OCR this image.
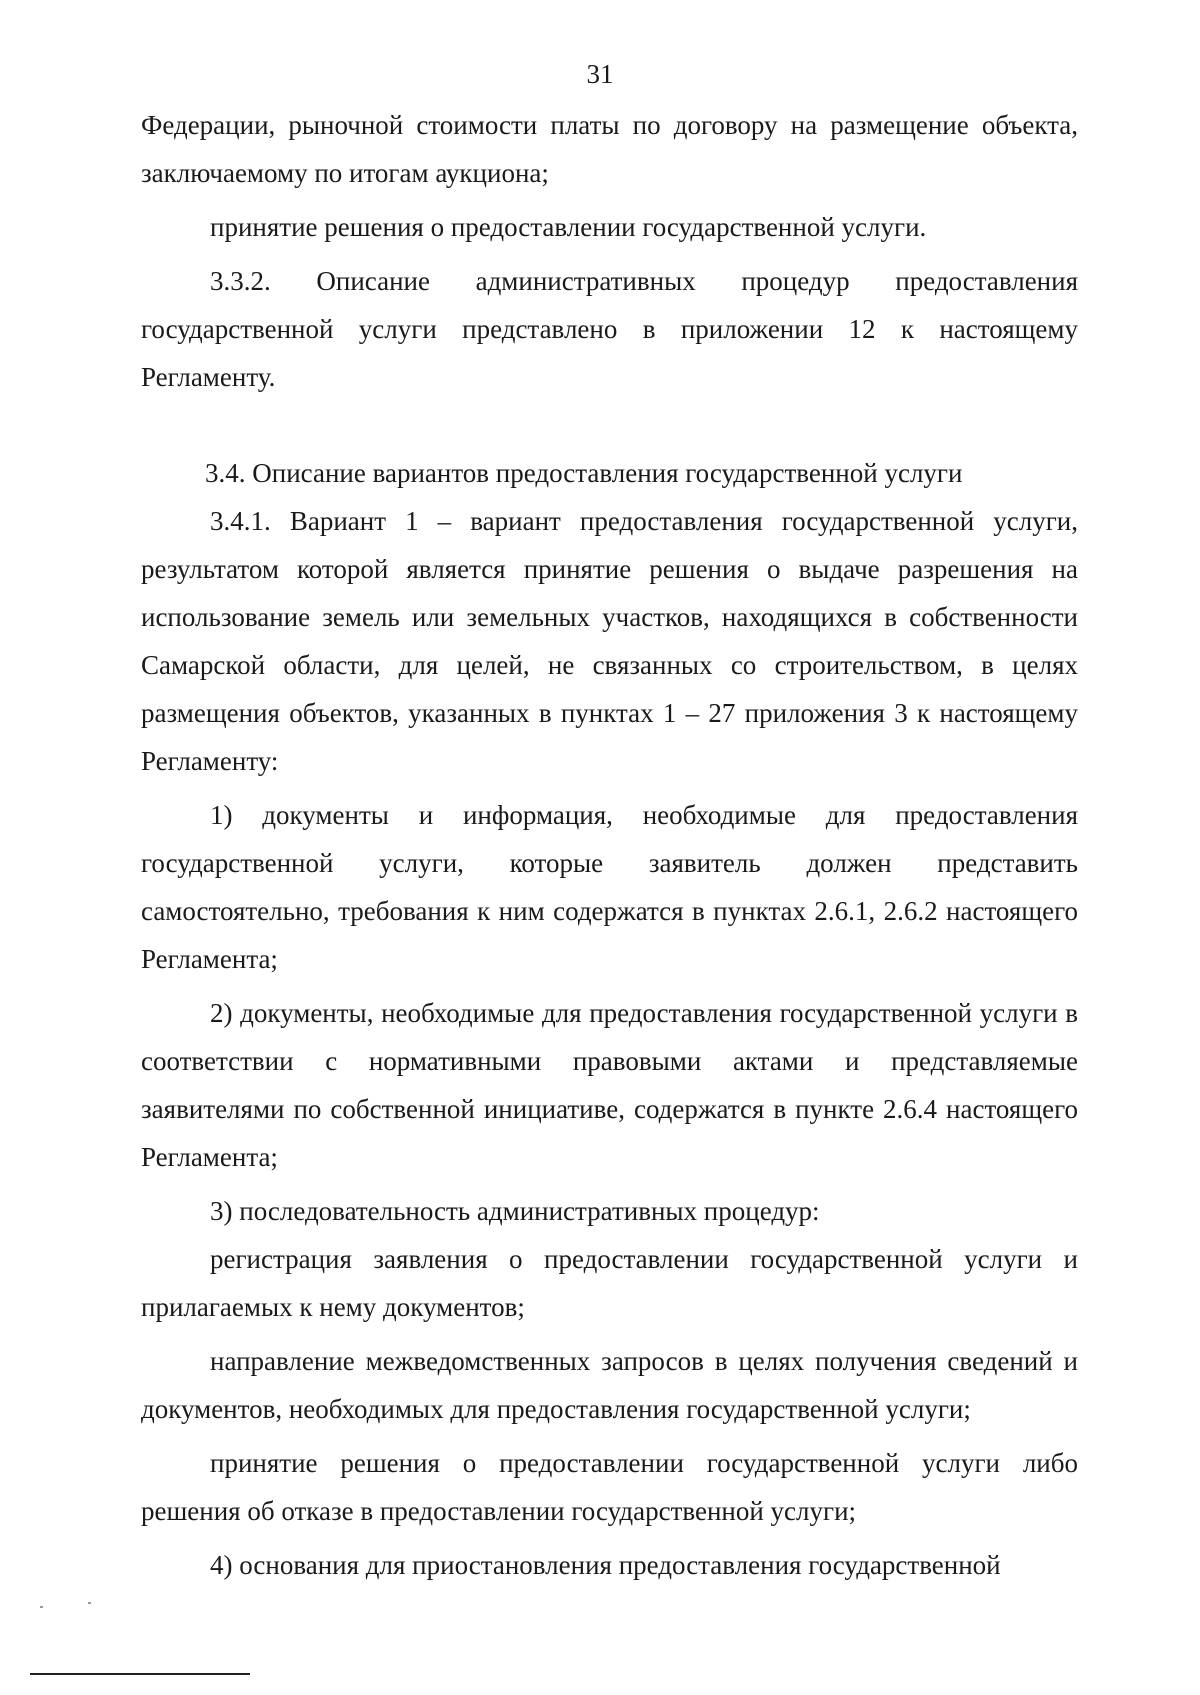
31

Федерации, рыночной стоимости платы по договору на размещение объекта, заключаемому по итогам аукциона;

принятие решения о предоставлении государственной услуги.

3.3.2. Описание административных процедур предоставления государственной услуги представлено в приложении 12 к настоящему Регламенту.

3.4. Описание вариантов предоставления государственной услуги

3.4.1. Вариант 1 – вариант предоставления государственной услуги, результатом которой является принятие решения о выдаче разрешения на использование земель или земельных участков, находящихся в собственности Самарской области, для целей, не связанных со строительством, в целях размещения объектов, указанных в пунктах 1 – 27 приложения 3 к настоящему Регламенту:

1) документы и информация, необходимые для предоставления государственной услуги, которые заявитель должен представить самостоятельно, требования к ним содержатся в пунктах 2.6.1, 2.6.2 настоящего Регламента;

2) документы, необходимые для предоставления государственной услуги в соответствии с нормативными правовыми актами и представляемые заявителями по собственной инициативе, содержатся в пункте 2.6.4 настоящего Регламента;

3) последовательность административных процедур:

регистрация заявления о предоставлении государственной услуги и прилагаемых к нему документов;

направление межведомственных запросов в целях получения сведений и документов, необходимых для предоставления государственной услуги;

принятие решения о предоставлении государственной услуги либо решения об отказе в предоставлении государственной услуги;

4) основания для приостановления предоставления государственной
